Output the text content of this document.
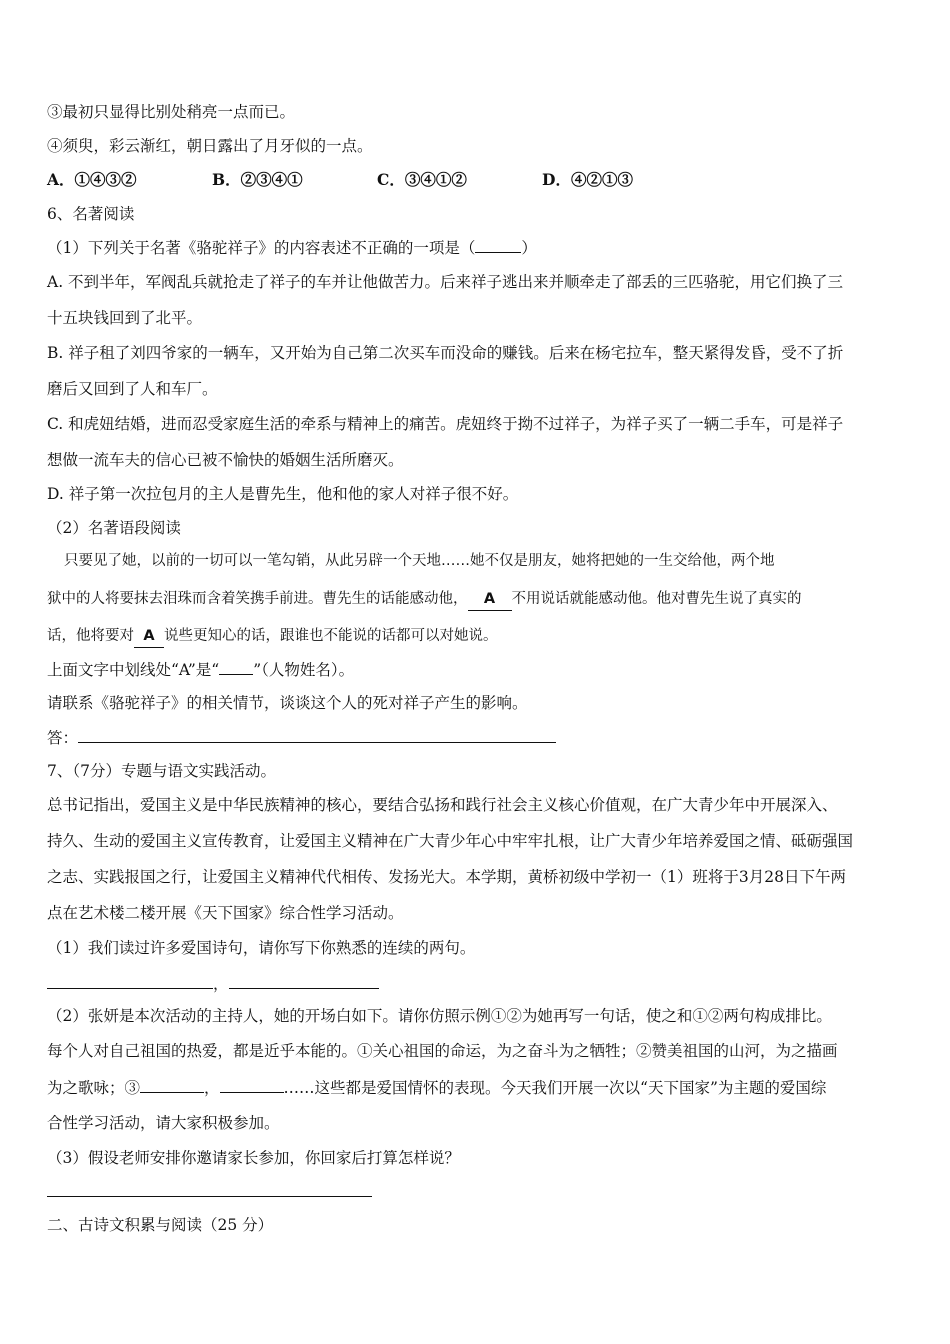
③最初只显得比别处稍亮一点而已。
④须臾，彩云渐红，朝日露出了月牙似的一点。
A．①④③②	B．②③④①	C．③④①②	D．④②①③
6、名著阅读
（1）下列关于名著《骆驼祥子》的内容表述不正确的一项是（	）
A. 不到半年，军阀乱兵就抢走了祥子的车并让他做苦力。后来祥子逃出来并顺牵走了部丢的三匹骆驼，用它们换了三
十五块钱回到了北平。
B. 祥子租了刘四爷家的一辆车，又开始为自己第二次买车而没命的赚钱。后来在杨宅拉车，整天紧得发昏，受不了折
磨后又回到了人和车厂。
C. 和虎妞结婚，进而忍受家庭生活的牵系与精神上的痛苦。虎妞终于拗不过祥子，为祥子买了一辆二手车，可是祥子
想做一流车夫的信心已被不愉快的婚姻生活所磨灭。
D. 祥子第一次拉包月的主人是曹先生，他和他的家人对祥子很不好。
（2）名著语段阅读
只要见了她，以前的一切可以一笔勾销，从此另辟一个天地……她不仅是朋友，她将把她的一生交给他，两个地
狱中的人将要抹去泪珠而含着笑携手前进。曹先生的话能感动他， A 不用说话就能感动他。他对曹先生说了真实的
话，他将要对 A 说些更知心的话，跟谁也不能说的话都可以对她说。
上面文字中划线处“A”是“ ”（人物姓名）。
请联系《骆驼祥子》的相关情节，谈谈这个人的死对祥子产生的影响。
答：
7、（7分）专题与语文实践活动。
总书记指出，爱国主义是中华民族精神的核心，要结合弘扬和践行社会主义核心价值观，在广大青少年中开展深入、
持久、生动的爱国主义宣传教育，让爱国主义精神在广大青少年心中牢牢扎根，让广大青少年培养爱国之情、砥砺强国
之志、实践报国之行，让爱国主义精神代代相传、发扬光大。本学期，黄桥初级中学初一（1）班将于3月28日下午两
点在艺术楼二楼开展《天下国家》综合性学习活动。
（1）我们读过许多爱国诗句，请你写下你熟悉的连续的两句。
，
（2）张妍是本次活动的主持人，她的开场白如下。请你仿照示例①②为她再写一句话，使之和①②两句构成排比。
每个人对自己祖国的热爱，都是近乎本能的。①关心祖国的命运，为之奋斗为之牺牲；②赞美祖国的山河，为之描画
为之歌咏；③	，	……这些都是爱国情怀的表现。今天我们开展一次以“天下国家”为主题的爱国综
合性学习活动，请大家积极参加。
（3）假设老师安排你邀请家长参加，你回家后打算怎样说？
二、古诗文积累与阅读（25 分）
